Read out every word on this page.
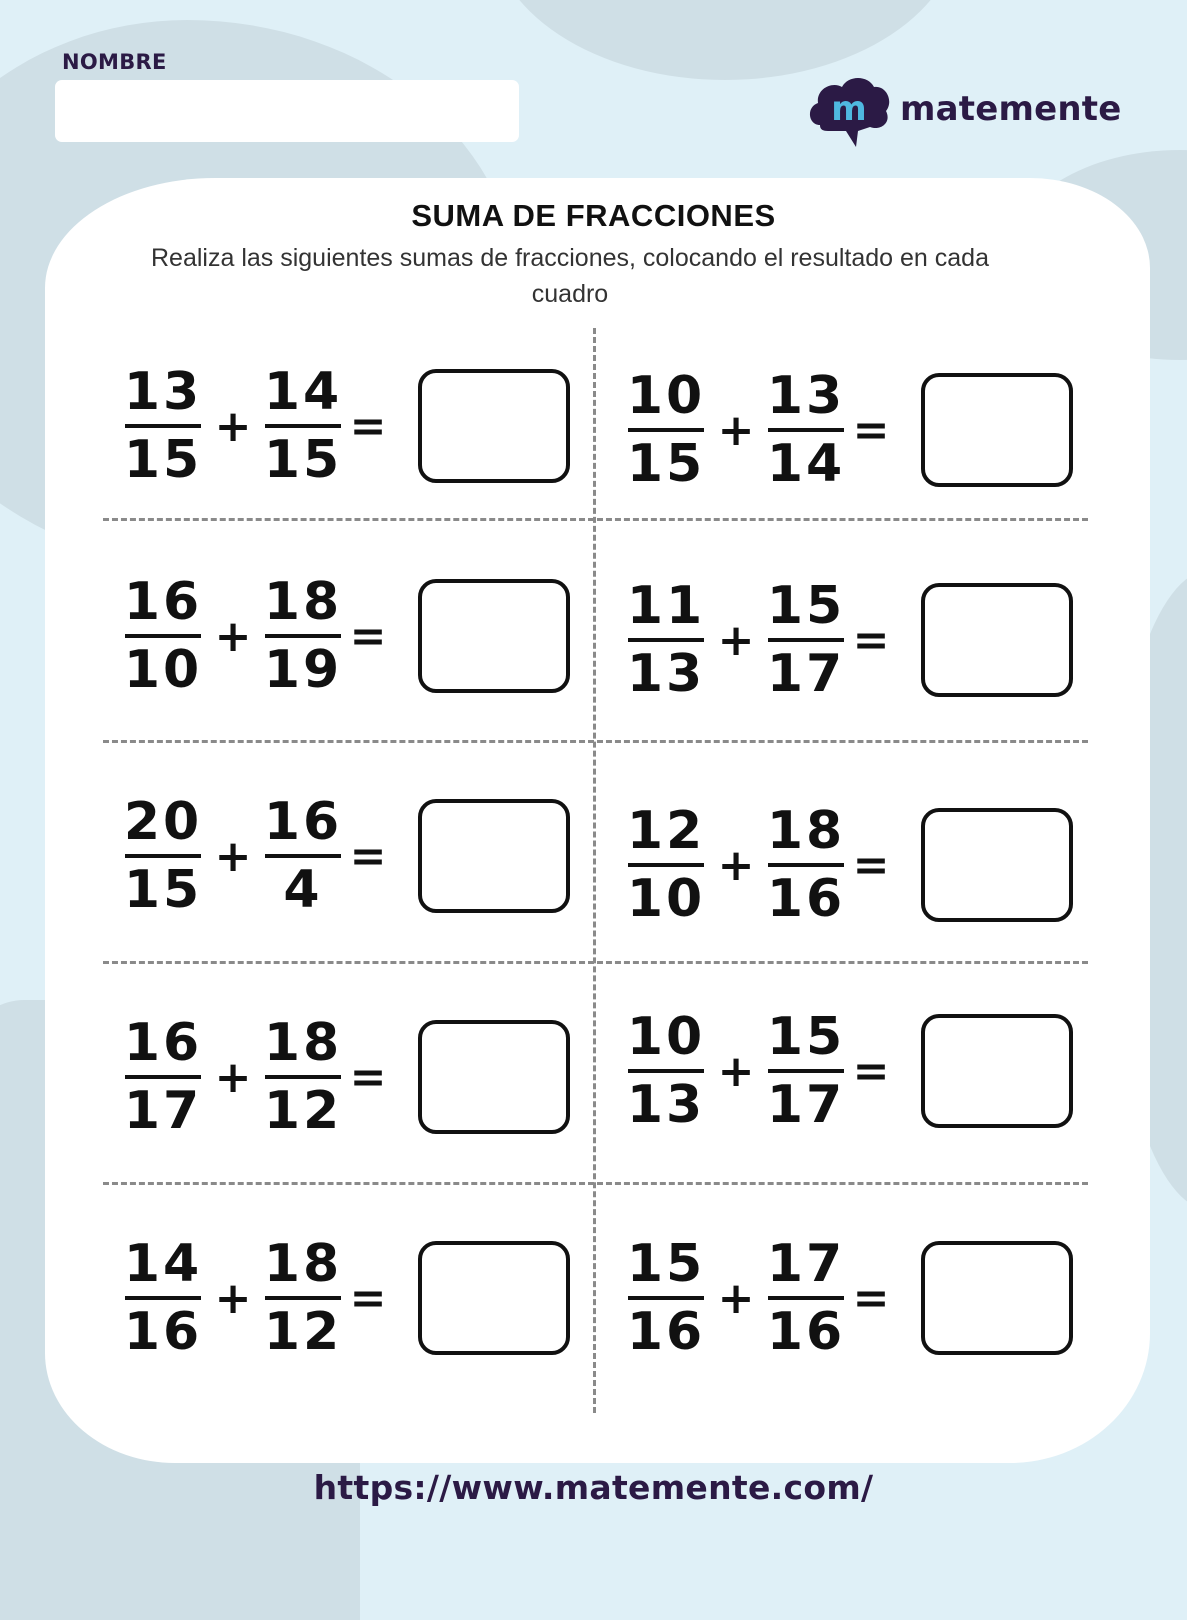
NOMBRE
m matemente
SUMA DE FRACCIONES
Realiza las siguientes sumas de fracciones, colocando el resultado en cada cuadro
$\frac{13}{15} + \frac{14}{15}$ =
$\frac{16}{10} + \frac{18}{19}$ =
$\frac{20}{15} + \frac{16}{4}$ =
$\frac{16}{17} + \frac{18}{12}$ =
$\frac{14}{16} + \frac{18}{12}$ =
$\frac{10}{15} + \frac{13}{14}$ =
$\frac{11}{13} + \frac{15}{17}$ =
$\frac{12}{10} + \frac{18}{16}$ =
$\frac{10}{13} + \frac{15}{17}$ =
$\frac{15}{16} + \frac{17}{16}$ =
https://www.matemente.com/
